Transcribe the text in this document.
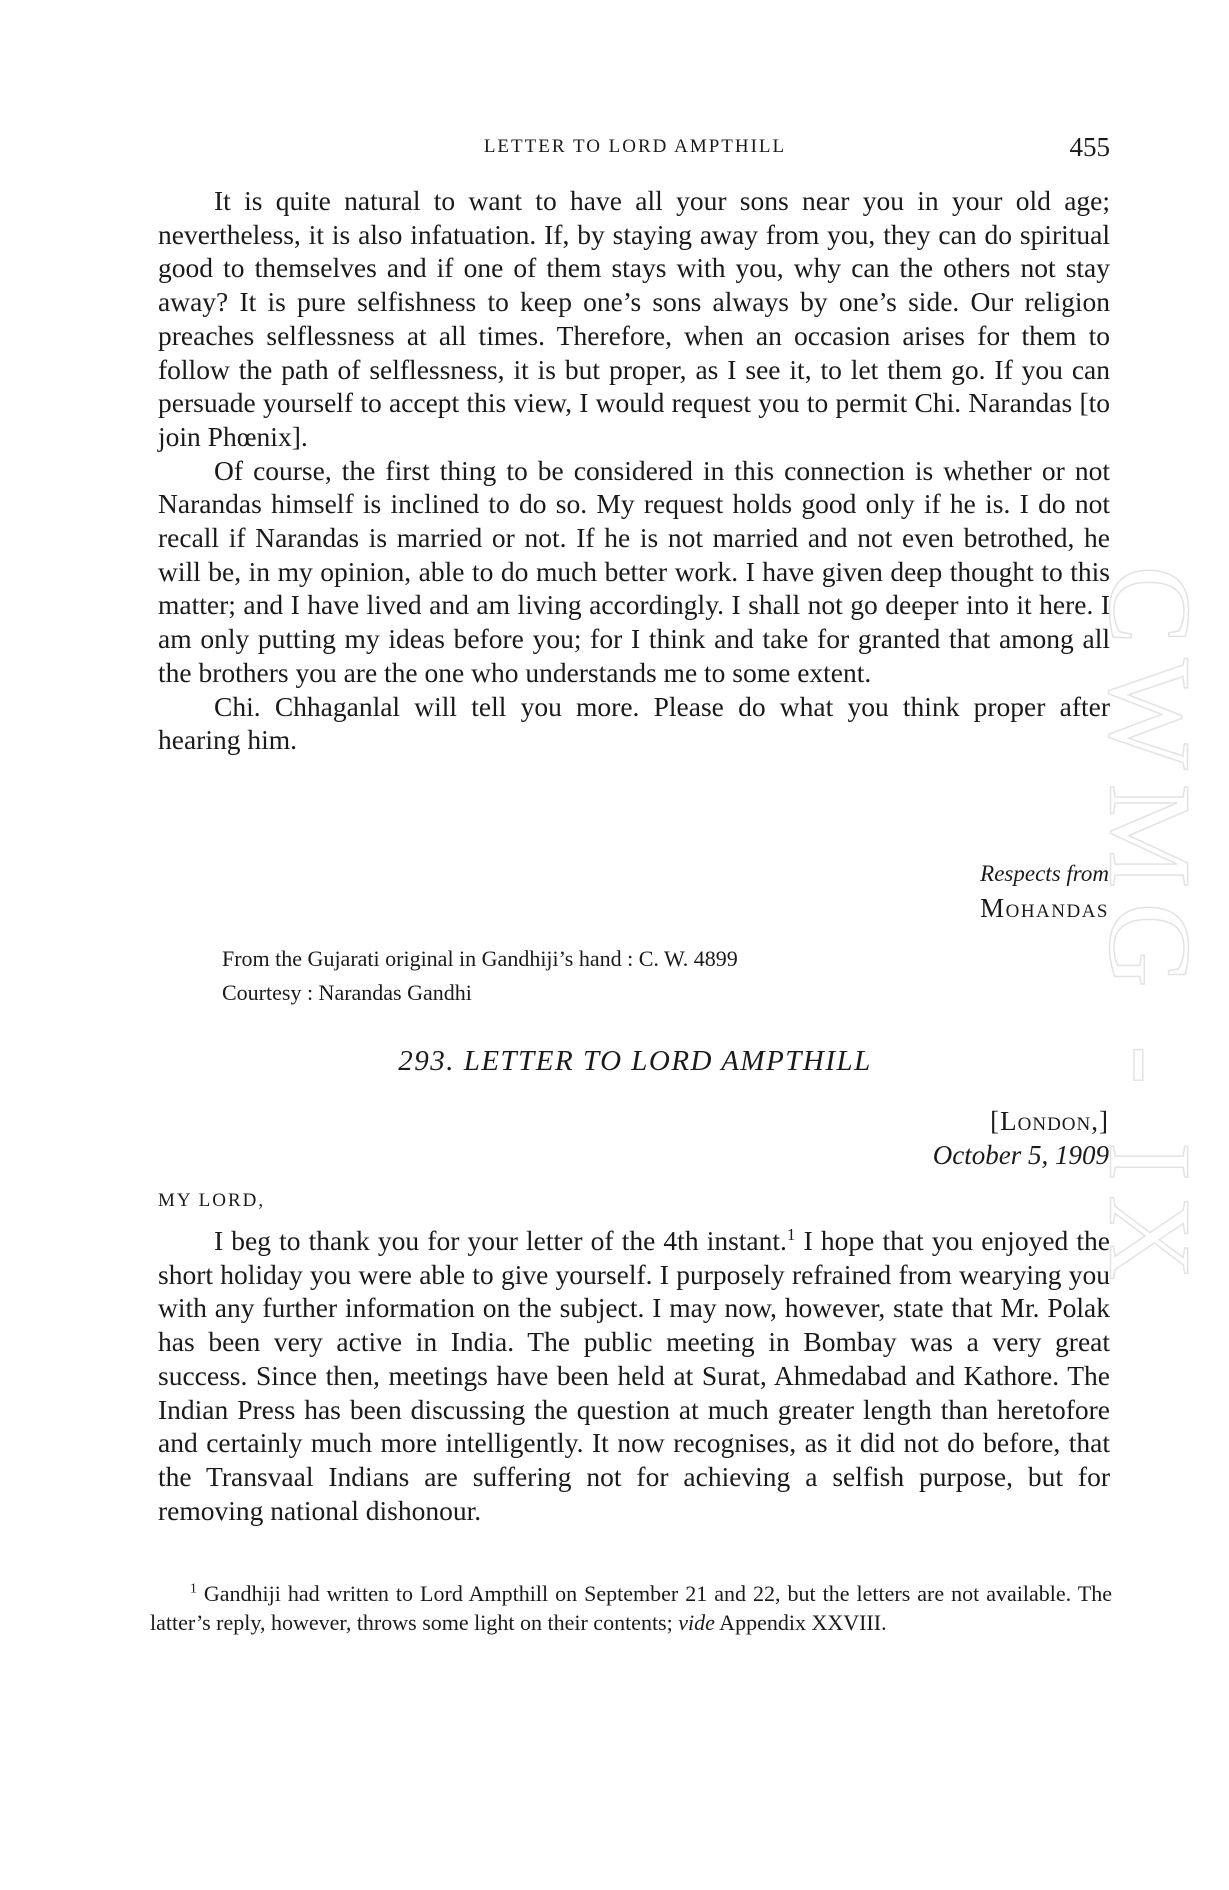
CWMG - IX
LETTER TO LORD AMPTHILL	455

It is quite natural to want to have all your sons near you in your old age; nevertheless, it is also infatuation. If, by staying away from you, they can do spiritual good to themselves and if one of them stays with you, why can the others not stay away? It is pure selfishness to keep one’s sons always by one’s side. Our religion preaches selflessness at all times. Therefore, when an occasion arises for them to follow the path of selflessness, it is but proper, as I see it, to let them go. If you can persuade yourself to accept this view, I would request you to permit Chi. Narandas [to join Phœnix].

Of course, the first thing to be considered in this connection is whether or not Narandas himself is inclined to do so. My request holds good only if he is. I do not recall if Narandas is married or not. If he is not married and not even betrothed, he will be, in my opinion, able to do much better work. I have given deep thought to this matter; and I have lived and am living accordingly. I shall not go deeper into it here. I am only putting my ideas before you; for I think and take for granted that among all the brothers you are the one who understands me to some extent.

Chi. Chhaganlal will tell you more. Please do what you think proper after hearing him.

Respects from
Mohandas
From the Gujarati original in Gandhiji’s hand : C. W. 4899
Courtesy : Narandas Gandhi
293. LETTER TO LORD AMPTHILL
[London,]
October 5, 1909
MY LORD,

I beg to thank you for your letter of the 4th instant.$^1$ I hope that you enjoyed the short holiday you were able to give yourself. I purposely refrained from wearying you with any further information on the subject. I may now, however, state that Mr. Polak has been very active in India. The public meeting in Bombay was a very great success. Since then, meetings have been held at Surat, Ahmedabad and Kathore. The Indian Press has been discussing the question at much greater length than heretofore and certainly much more intelligently. It now recognises, as it did not do before, that the Transvaal Indians are suffering not for achieving a selfish purpose, but for removing national dishonour.

$^1$ Gandhiji had written to Lord Ampthill on September 21 and 22, but the letters are not available. The latter’s reply, however, throws some light on their contents; vide Appendix XXVIII.
